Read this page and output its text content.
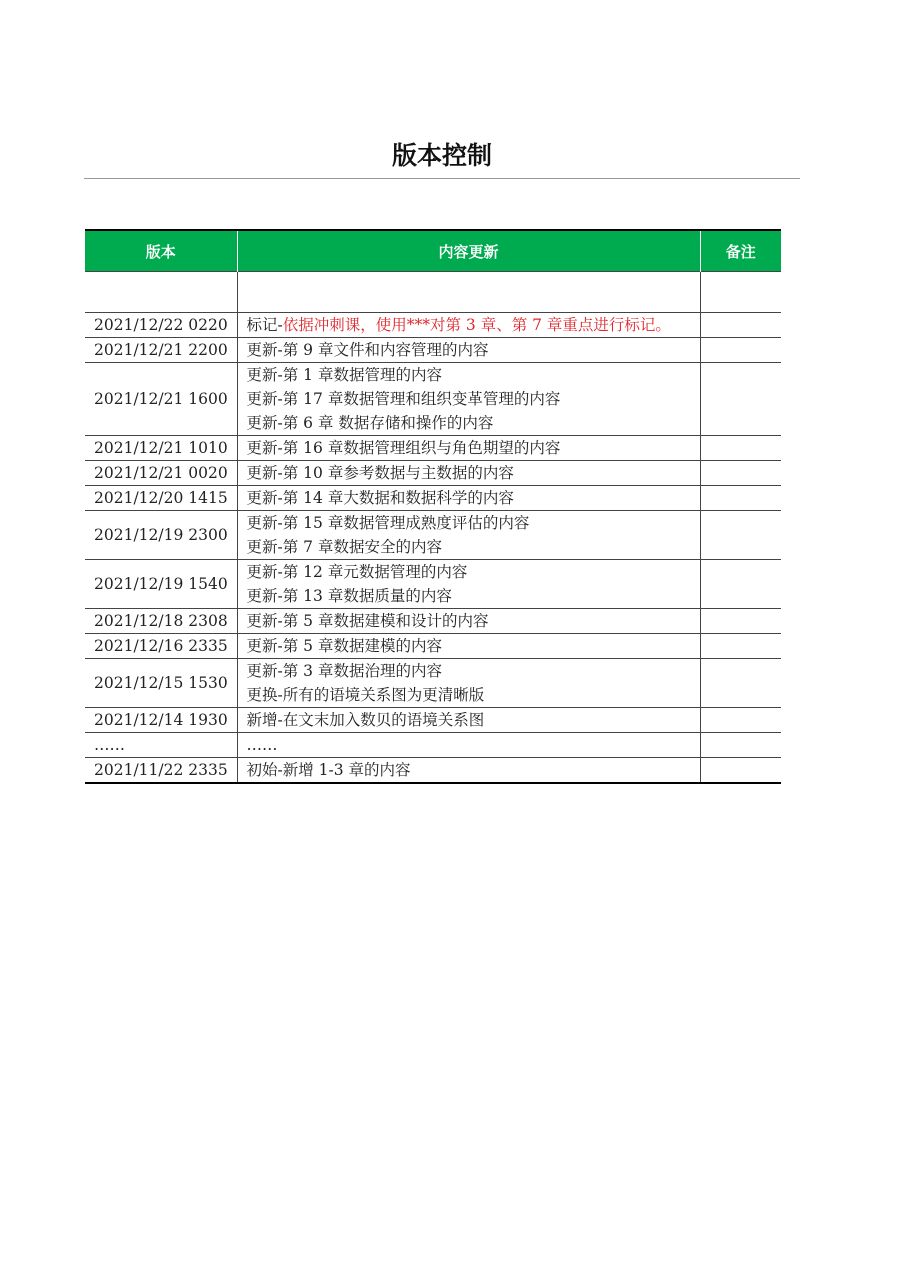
版本控制
版本	内容更新	备注

2021/12/22 0220	标记-依据冲刺课，使用***对第 3 章、第 7 章重点进行标记。	

2021/12/21 2200	更新-第 9 章文件和内容管理的内容	

2021/12/21 1600	更新-第 1 章数据管理的内容
更新-第 17 章数据管理和组织变革管理的内容
更新-第 6 章 数据存储和操作的内容	

2021/12/21 1010	更新-第 16 章数据管理组织与角色期望的内容	

2021/12/21 0020	更新-第 10 章参考数据与主数据的内容	

2021/12/20 1415	更新-第 14 章大数据和数据科学的内容	

2021/12/19 2300	更新-第 15 章数据管理成熟度评估的内容
更新-第 7 章数据安全的内容	

2021/12/19 1540	更新-第 12 章元数据管理的内容
更新-第 13 章数据质量的内容	

2021/12/18 2308	更新-第 5 章数据建模和设计的内容	

2021/12/16 2335	更新-第 5 章数据建模的内容	

2021/12/15 1530	更新-第 3 章数据治理的内容
更换-所有的语境关系图为更清晰版	

2021/12/14 1930	新增-在文末加入数贝的语境关系图	

……	……	

2021/11/22 2335	初始-新增 1-3 章的内容	
